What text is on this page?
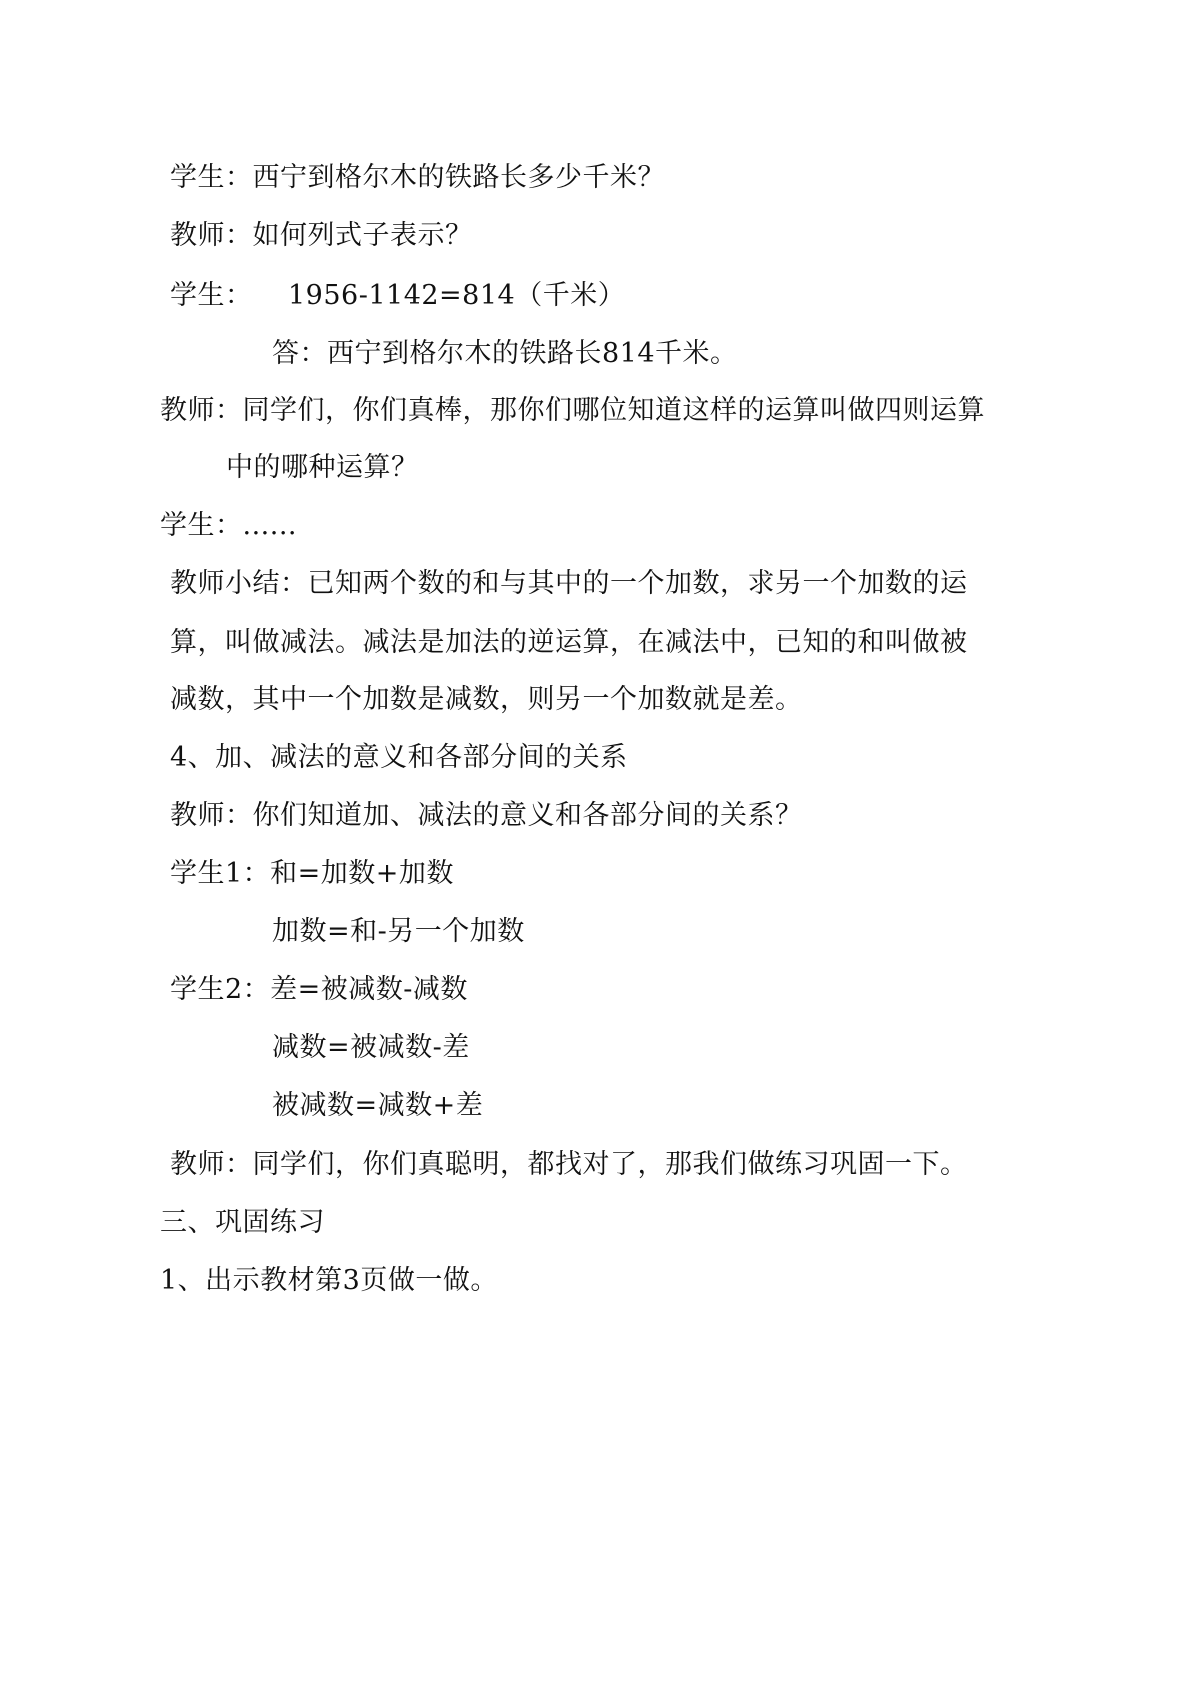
学生：西宁到格尔木的铁路长多少千米？
教师：如何列式子表示？
学生： 1956-1142=814（千米）
答：西宁到格尔木的铁路长814千米。
教师：同学们，你们真棒，那你们哪位知道这样的运算叫做四则运算
中的哪种运算？
学生：......
教师小结：已知两个数的和与其中的一个加数，求另一个加数的运
算，叫做减法。减法是加法的逆运算，在减法中，已知的和叫做被
减数，其中一个加数是减数，则另一个加数就是差。
4、加、减法的意义和各部分间的关系
教师：你们知道加、减法的意义和各部分间的关系？
学生1：和=加数+加数
加数=和-另一个加数
学生2：差=被减数-减数
减数=被减数-差
被减数=减数+差
教师：同学们，你们真聪明，都找对了，那我们做练习巩固一下。
三、巩固练习
1、出示教材第3页做一做。
